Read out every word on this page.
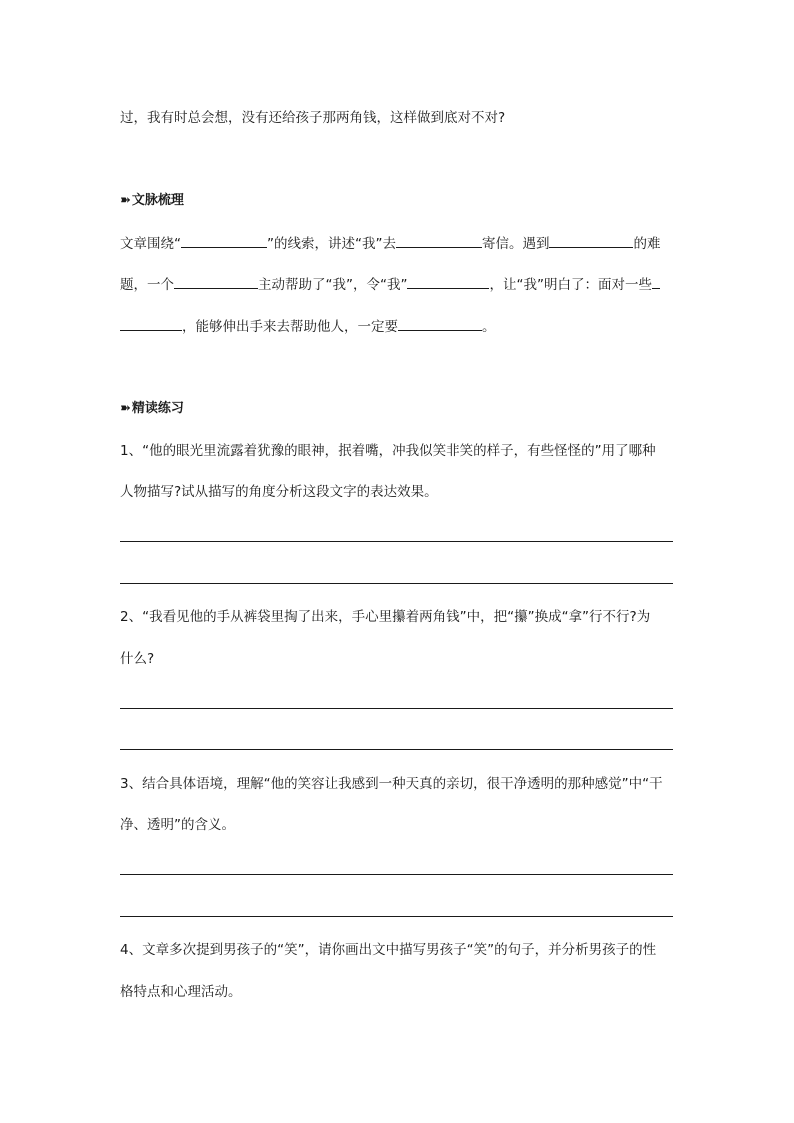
过，我有时总会想，没有还给孩子那两角钱，这样做到底对不对?
➽ 文脉梳理
文章围绕“	”的线索，讲述“我”去	寄信。遇到	的难
题，一个	主动帮助了“我”，令“我”	，让“我”明白了：面对一些
，能够伸出手来去帮助他人，一定要	。
➽ 精读练习
1、“他的眼光里流露着犹豫的眼神，抿着嘴，冲我似笑非笑的样子，有些怪怪的”用了哪种
人物描写?试从描写的角度分析这段文字的表达效果。
2、“我看见他的手从裤袋里掏了出来，手心里攥着两角钱”中，把“攥”换成“拿”行不行?为
什么?
3、结合具体语境，理解“他的笑容让我感到一种天真的亲切，很干净透明的那种感觉”中“干
净、透明”的含义。
4、文章多次提到男孩子的“笑”，请你画出文中描写男孩子“笑”的句子，并分析男孩子的性
格特点和心理活动。
